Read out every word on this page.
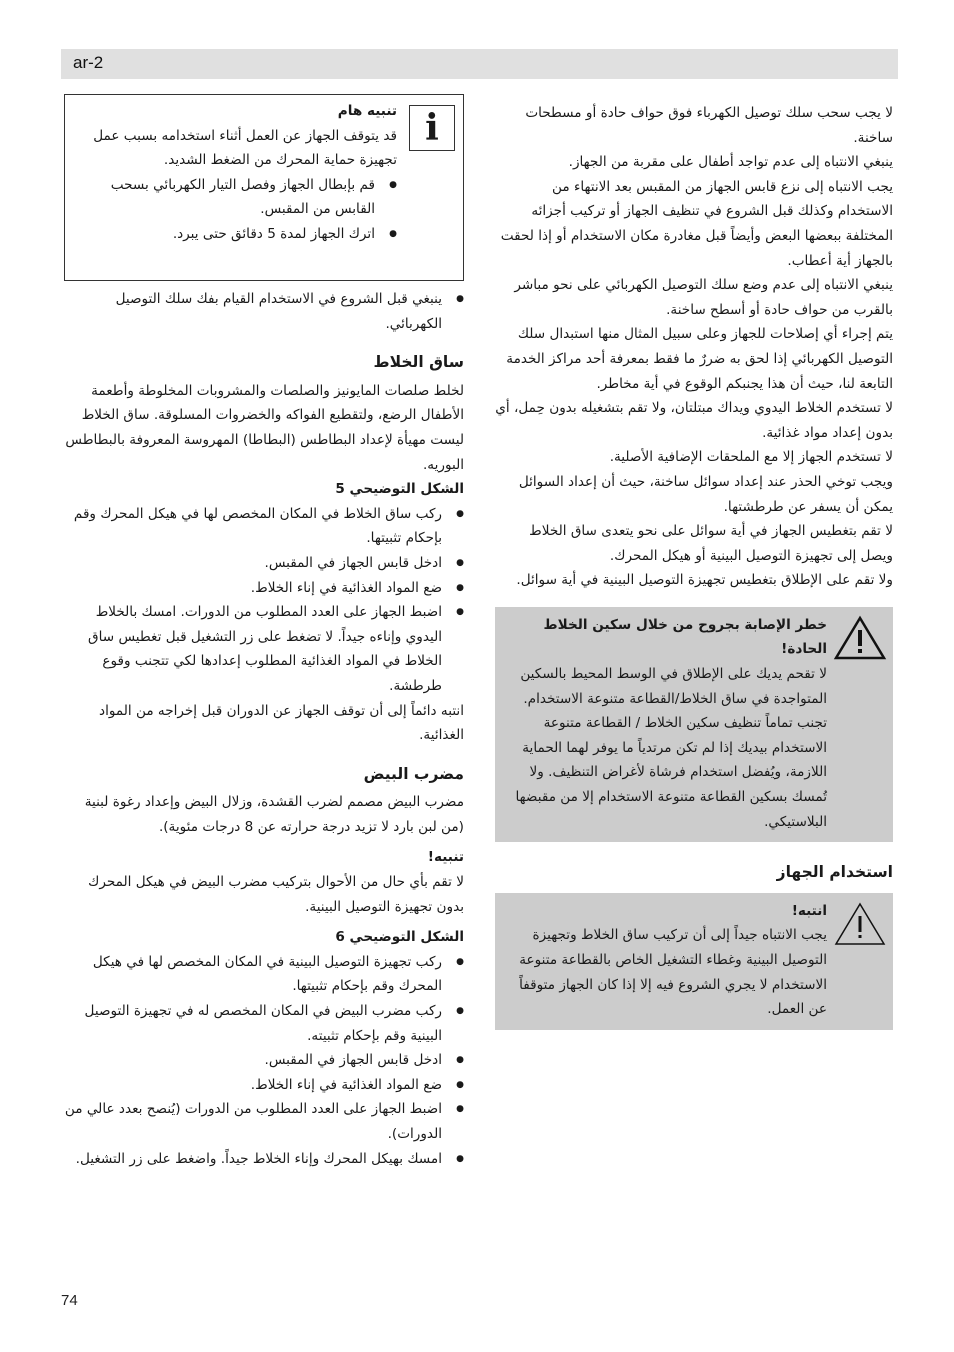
ar-2

لا يجب سحب سلك توصيل الكهرباء فوق حواف حادة أو مسطحات ساخنة.

ينبغي الانتباه إلى عدم تواجد أطفال على مقربة من الجهاز.

يجب الانتباه إلى نزع قابس الجهاز من المقبس بعد الانتهاء من الاستخدام وكذلك قبل الشروع في تنظيف الجهاز أو تركيب أجزائه المختلفة ببعضها البعض وأيضاً قبل مغادرة مكان الاستخدام أو إذا لحقت بالجهاز أية أعطاب.

ينبغي الانتباه إلى عدم وضع سلك التوصيل الكهربائي على نحو مباشر بالقرب من حواف حادة أو أسطح ساخنة.

يتم إجراء أي إصلاحات للجهاز وعلى سبيل المثال منها استبدال سلك التوصيل الكهربائي إذا لحق به ضررٌ ما فقط بمعرفة أحد مراكز الخدمة التابعة لنا، حيث أن هذا يجنبكم الوقوع في أية مخاطر.

لا تستخدم الخلاط اليدوي ويداك مبتلتان، ولا تقم بتشغيله بدون حِمل، أي بدون إعداد مواد غذائية.

لا تستخدم الجهاز إلا مع الملحقات الإضافية الأصلية.

ويجب توخي الحذر عند إعداد سوائل ساخنة، حيث أن إعداد السوائل يمكن أن يسفر عن طرطشتها.

لا تقم بتغطيس الجهاز في أية سوائل على نحو يتعدى ساق الخلاط ويصل إلى تجهيزة التوصيل البينية أو هيكل المحرك.

ولا تقم على الإطلاق بتغطيس تجهيزة التوصيل البينية في أية سوائل.

خطر الإصابة بجروح من خلال سكين الخلاط الحادة!

لا تقحم يديك على الإطلاق في الوسط المحيط بالسكين المتواجدة في ساق الخلاط/القطاعة متنوعة الاستخدام. تجنب تماماً تنظيف سكين الخلاط / القطاعة متنوعة الاستخدام بيديك إذا لم تكن مرتدياً ما يوفر لهما الحماية اللازمة، ويُفضل استخدام فرشاة لأغراض التنظيف. ولا تُمسك بسكين القطاعة متنوعة الاستخدام إلا من مقبضها البلاستيكي.

استخدام الجهاز

انتبه!

يجب الانتباه جيداً إلى أن تركيب ساق الخلاط وتجهيزة التوصيل البينية وغطاء التشغيل الخاص بالقطاعة متنوعة الاستخدام لا يجري الشروع فيه إلا إذا كان الجهاز متوقفاً عن العمل.

i

تنبيه هام

قد يتوقف الجهاز عن العمل أثناء استخدامه بسبب عمل تجهيزة حماية المحرك من الضغط الشديد.

● قم بإبطال الجهاز وفصل التيار الكهربائي بسحب القابس من المقبس.
● اترك الجهاز لمدة 5 دقائق حتى يبرد.
● ينبغي قبل الشروع في الاستخدام القيام بفك سلك التوصيل الكهربائي.

ساق الخلاط

لخلط صلصات المايونيز والصلصات والمشروبات المخلوطة وأطعمة الأطفال الرضع، ولتقطيع الفواكه والخضروات المسلوقة. ساق الخلاط ليست مهيأة لإعداد البطاطس (البطاطا) المهروسة المعروفة بالبطاطس البوريه.

الشكل التوضيحي 5

● ركب ساق الخلاط في المكان المخصص لها في هيكل المحرك وقم بإحكام تثبيتها.
● ادخل قابس الجهاز في المقبس.
● ضع المواد الغذائية في إناء الخلاط.
● اضبط الجهاز على العدد المطلوب من الدورات. امسك بالخلاط اليدوي وإناءه جيداً. لا تضغط على زر التشغيل قبل تغطيس ساق الخلاط في المواد الغذائية المطلوب إعدادها لكي تتجنب وقوع طرطشة.

انتبه دائماً إلى أن توقف الجهاز عن الدوران قبل إخراجه من المواد الغذائية.

مضرب البيض

مضرب البيض مصمم لضرب القشدة، وزلال البيض وإعداد رغوة لبنية (من لبن بارد لا تزيد درجة حرارته عن 8 درجات مئوية).

تنبيه!

لا تقم بأي حال من الأحوال بتركيب مضرب البيض في هيكل المحرك بدون تجهيزة التوصيل البينية.

الشكل التوضيحي 6

● ركب تجهيزة التوصيل البينية في المكان المخصص لها في هيكل المحرك وقم بإحكام تثبيتها.
● ركب مضرب البيض في المكان المخصص له في تجهيزة التوصيل البينية وقم بإحكام تثبيته.
● ادخل قابس الجهاز في المقبس.
● ضع المواد الغذائية في إناء الخلاط.
● اضبط الجهاز على العدد المطلوب من الدورات (يُنصح بعدد عالي من الدورات).
● امسك بهيكل المحرك وإناء الخلاط جيداً. واضغط على زر التشغيل.
74
